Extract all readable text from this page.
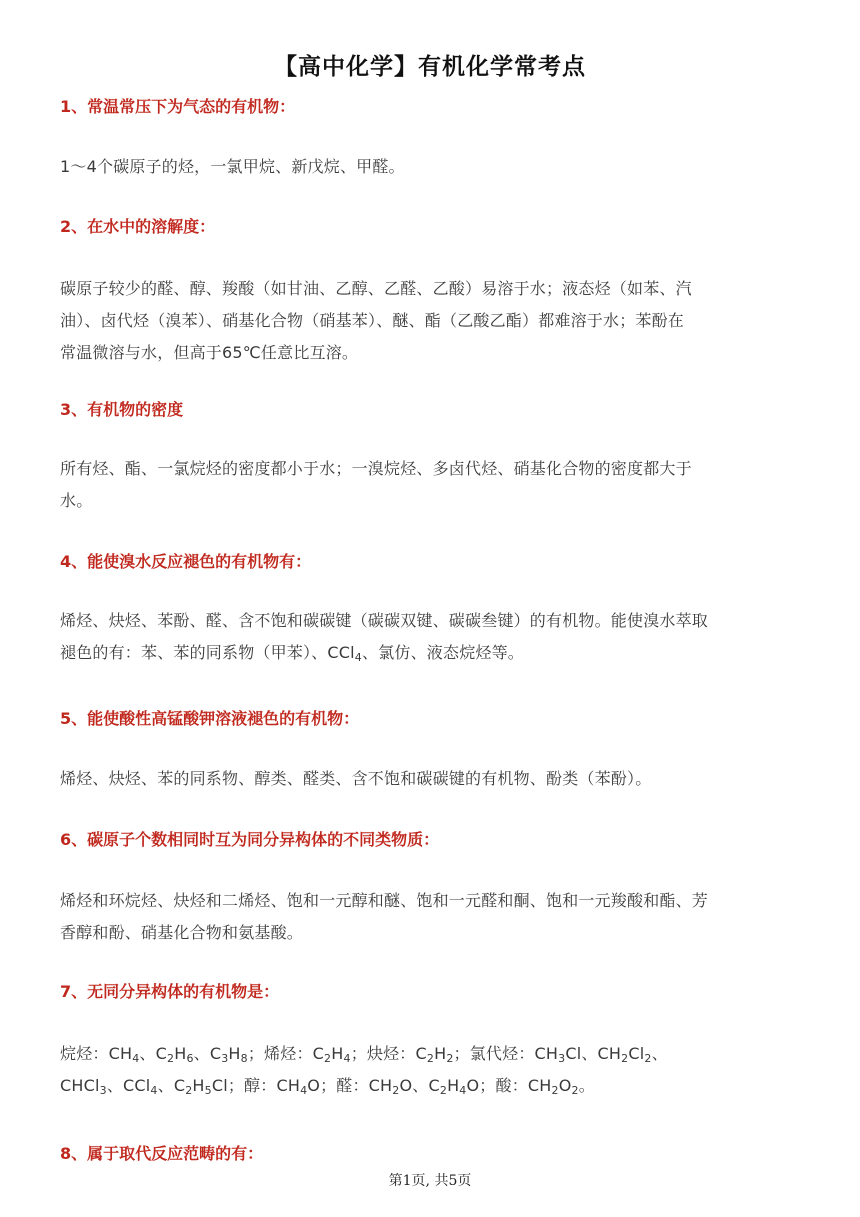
【高中化学】有机化学常考点
1、常温常压下为气态的有机物：
1～4个碳原子的烃，一氯甲烷、新戊烷、甲醛。
2、在水中的溶解度：
碳原子较少的醛、醇、羧酸（如甘油、乙醇、乙醛、乙酸）易溶于水；液态烃（如苯、汽
油）、卤代烃（溴苯）、硝基化合物（硝基苯）、醚、酯（乙酸乙酯）都难溶于水；苯酚在
常温微溶与水，但高于65℃任意比互溶。
3、有机物的密度
所有烃、酯、一氯烷烃的密度都小于水；一溴烷烃、多卤代烃、硝基化合物的密度都大于
水。
4、能使溴水反应褪色的有机物有：
烯烃、炔烃、苯酚、醛、含不饱和碳碳键（碳碳双键、碳碳叁键）的有机物。能使溴水萃取
褪色的有：苯、苯的同系物（甲苯）、CCl$_4$、氯仿、液态烷烃等。
5、能使酸性高锰酸钾溶液褪色的有机物：
烯烃、炔烃、苯的同系物、醇类、醛类、含不饱和碳碳键的有机物、酚类（苯酚）。
6、碳原子个数相同时互为同分异构体的不同类物质：
烯烃和环烷烃、炔烃和二烯烃、饱和一元醇和醚、饱和一元醛和酮、饱和一元羧酸和酯、芳
香醇和酚、硝基化合物和氨基酸。
7、无同分异构体的有机物是：
烷烃：$CH_4$、$C_2H_6$、$C_3H_8$；烯烃：$C_2H_4$；炔烃：$C_2H_2$；氯代烃：$CH_3Cl$、$CH_2Cl_2$、
CHCl$_3$、CCl$_4$、$C_2H_5Cl$；醇：$CH_4O$；醛：$CH_2O$、$C_2H_4O$；酸：$CH_2O_2$。
8、属于取代反应范畴的有：
第1页, 共5页
